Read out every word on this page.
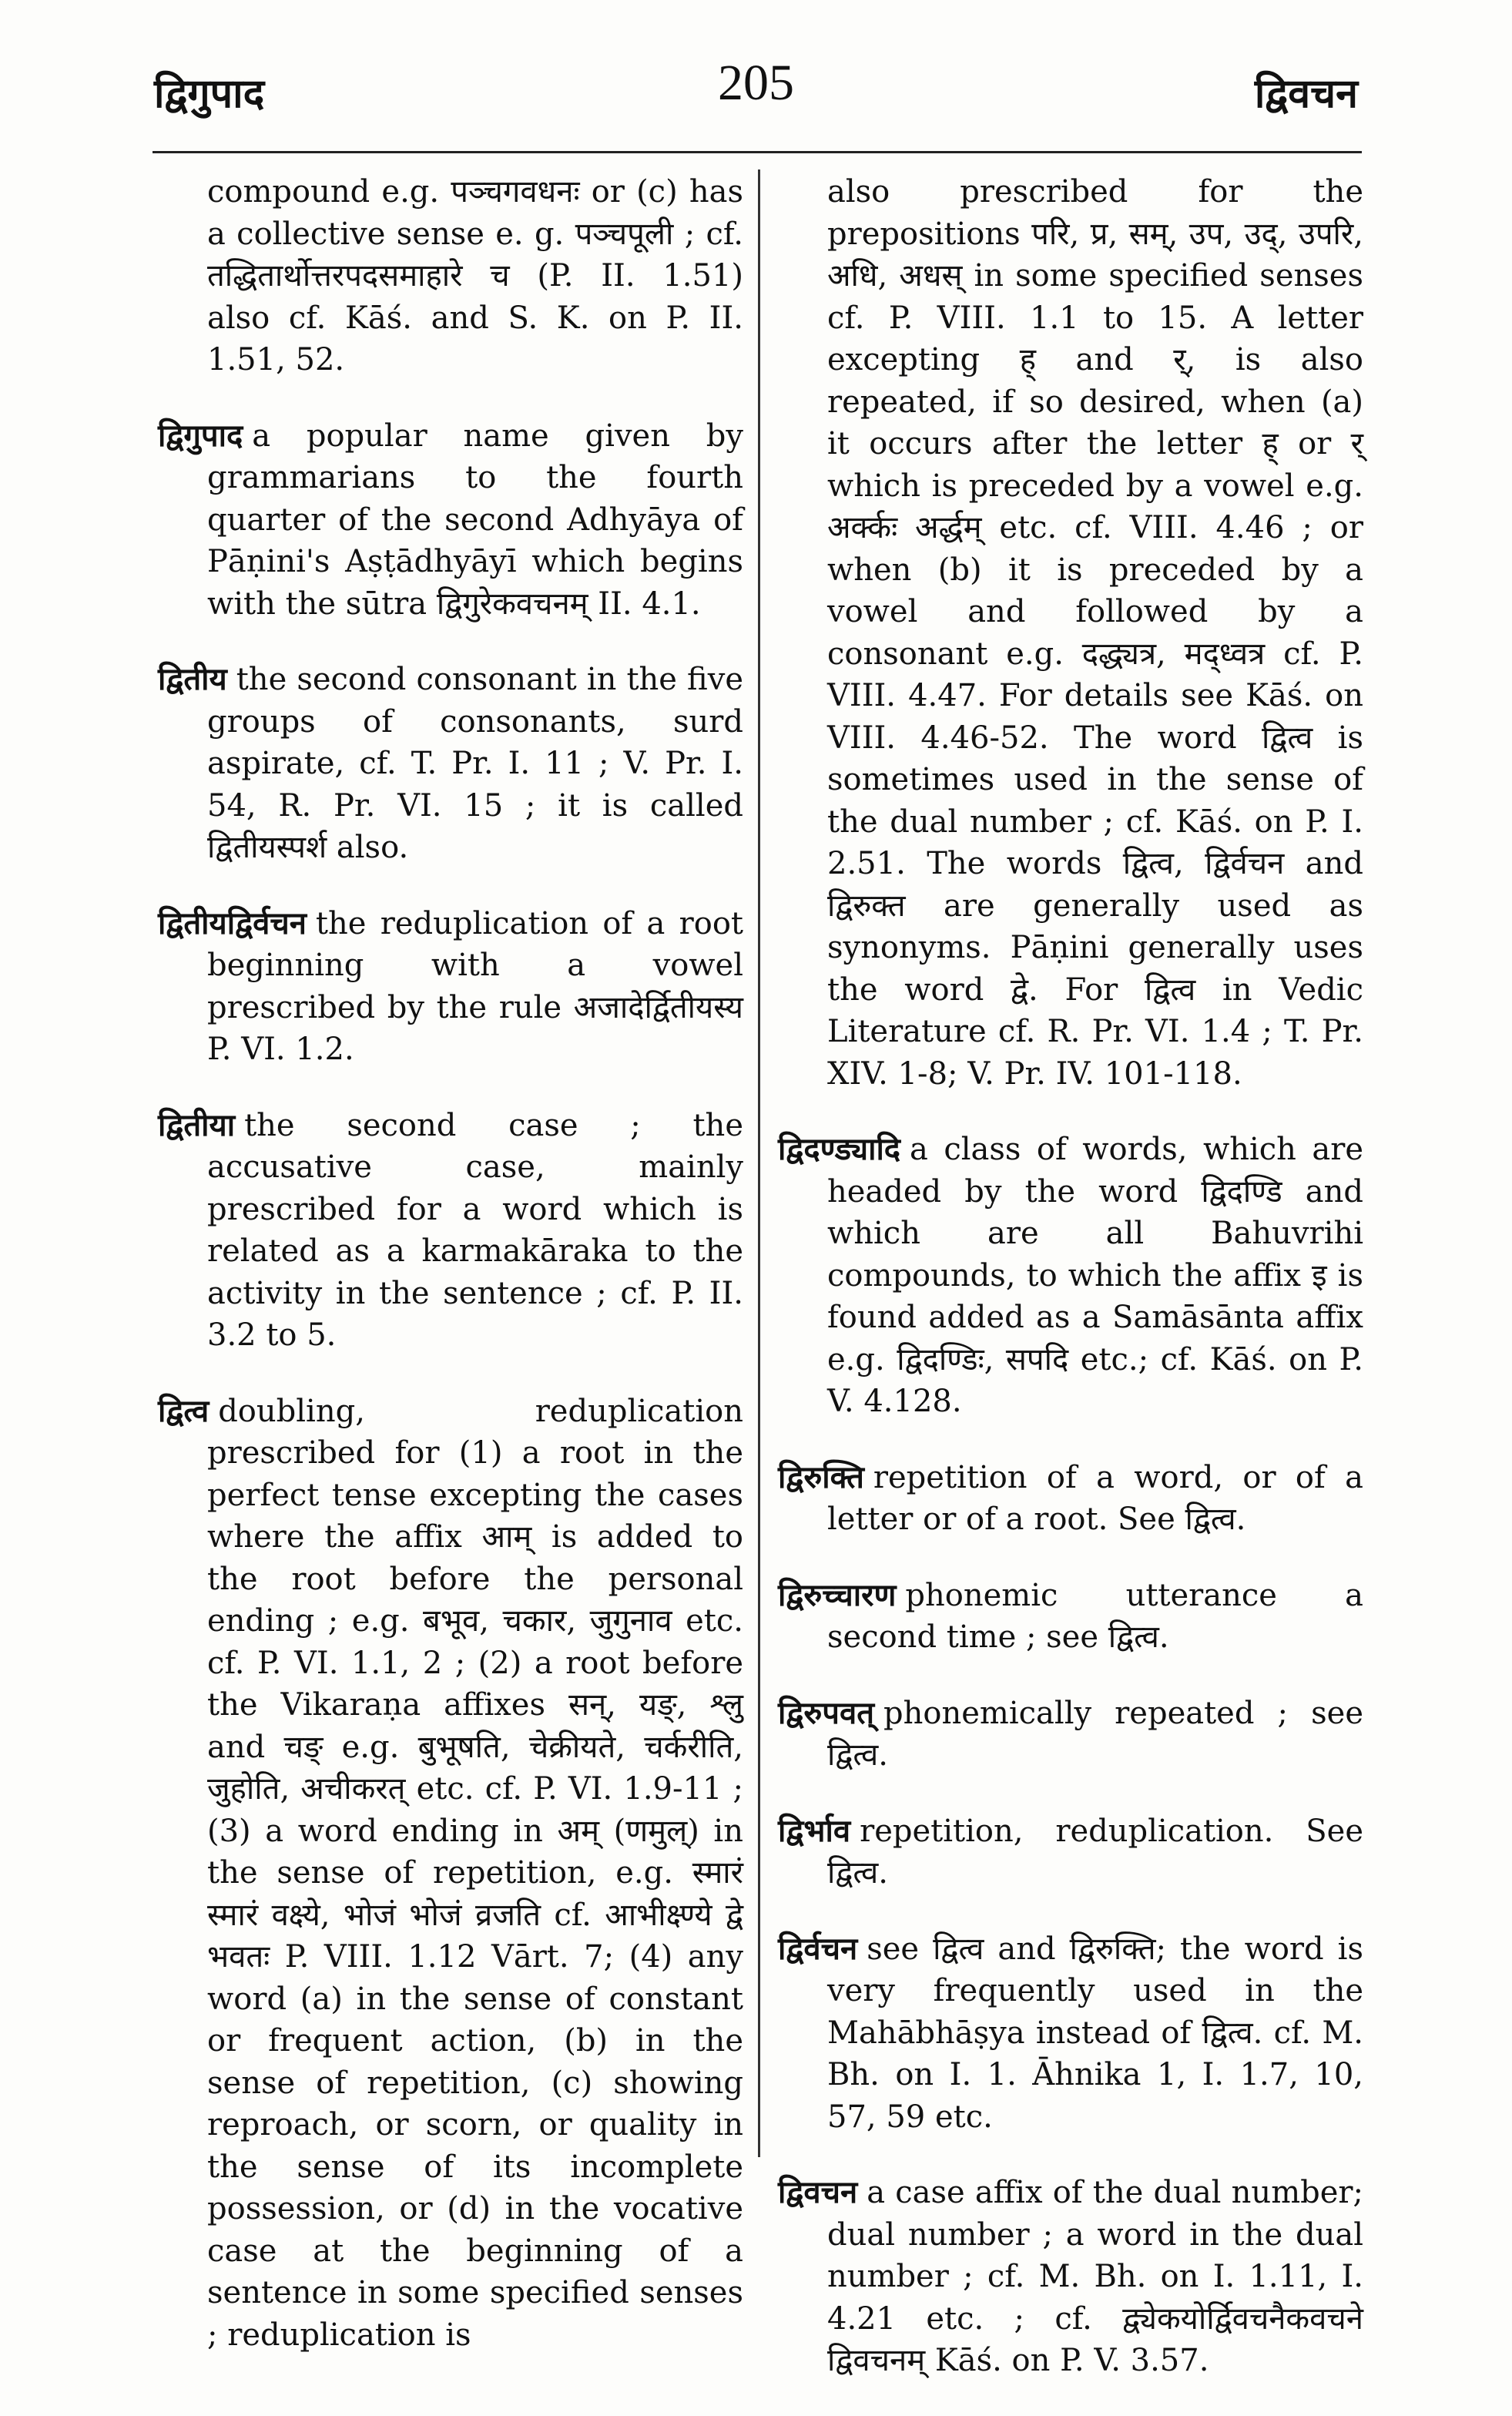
द्विगुपाद	205	द्विवचन

compound e.g. पञ्चगवधनः or (c) has a collective sense e. g. पञ्चपूली ; cf. तद्धितार्थोत्तरपदसमाहारे च (P. II. 1.51) also cf. Kāś. and S. K. on P. II. 1.51, 52.

द्विगुपाद a popular name given by grammarians to the fourth quarter of the second Adhyāya of Pāṇini's Aṣṭādhyāyī which begins with the sūtra द्विगुरेकवचनम् II. 4.1.

द्वितीय the second consonant in the five groups of consonants, surd aspirate, cf. T. Pr. I. 11 ; V. Pr. I. 54, R. Pr. VI. 15 ; it is called द्वितीयस्पर्श also.

द्वितीयद्विर्वचन the reduplication of a root beginning with a vowel prescribed by the rule अजादेर्द्वितीयस्य P. VI. 1.2.

द्वितीया the second case ; the accusative case, mainly prescribed for a word which is related as a karmakāraka to the activity in the sentence ; cf. P. II. 3.2 to 5.

द्वित्व doubling, reduplication prescribed for (1) a root in the perfect tense excepting the cases where the affix आम् is added to the root before the personal ending ; e.g. बभूव, चकार, जुगुनाव etc. cf. P. VI. 1.1, 2 ; (2) a root before the Vikaraṇa affixes सन्, यङ्, श्लु and चङ् e.g. बुभूषति, चेक्रीयते, चर्करीति, जुहोति, अचीकरत् etc. cf. P. VI. 1.9-11 ; (3) a word ending in अम् (णमुल्) in the sense of repetition, e.g. स्मारं स्मारं वक्ष्ये, भोजं भोजं व्रजति cf. आभीक्ष्ण्ये द्वे भवतः P. VIII. 1.12 Vārt. 7; (4) any word (a) in the sense of constant or frequent action, (b) in the sense of repetition, (c) showing reproach, or scorn, or quality in the sense of its incomplete possession, or (d) in the vocative case at the beginning of a sentence in some specified senses ; reduplication is

also prescribed for the prepositions परि, प्र, सम्, उप, उद्, उपरि, अधि, अधस् in some specified senses cf. P. VIII. 1.1 to 15. A letter excepting ह् and र्, is also repeated, if so desired, when (a) it occurs after the letter ह् or र् which is preceded by a vowel e.g. अर्क्कः अर्द्धम् etc. cf. VIII. 4.46 ; or when (b) it is preceded by a vowel and followed by a consonant e.g. दद्ध्यत्र, मद्ध्वत्र cf. P. VIII. 4.47. For details see Kāś. on VIII. 4.46-52. The word द्वित्व is sometimes used in the sense of the dual number ; cf. Kāś. on P. I. 2.51. The words द्वित्व, द्विर्वचन and द्विरुक्त are generally used as synonyms. Pāṇini generally uses the word द्वे. For द्वित्व in Vedic Literature cf. R. Pr. VI. 1.4 ; T. Pr. XIV. 1-8; V. Pr. IV. 101-118.

द्विदण्ड्यादि a class of words, which are headed by the word द्विदण्डि and which are all Bahuvrihi compounds, to which the affix इ is found added as a Samāsānta affix e.g. द्विदण्डिः, सपदि etc.; cf. Kāś. on P. V. 4.128.

द्विरुक्ति repetition of a word, or of a letter or of a root. See द्वित्व.

द्विरुच्चारण phonemic utterance a second time ; see द्वित्व.

द्विरुपवत् phonemically repeated ; see द्वित्व.

द्विर्भाव repetition, reduplication. See द्वित्व.

द्विर्वचन see द्वित्व and द्विरुक्ति; the word is very frequently used in the Mahābhāṣya instead of द्वित्व. cf. M. Bh. on I. 1. Āhnika 1, I. 1.7, 10, 57, 59 etc.

द्विवचन a case affix of the dual number; dual number ; a word in the dual number ; cf. M. Bh. on I. 1.11, I. 4.21 etc. ; cf. द्व्येकयोर्द्विवचनैकवचने द्विवचनम् Kāś. on P. V. 3.57.
